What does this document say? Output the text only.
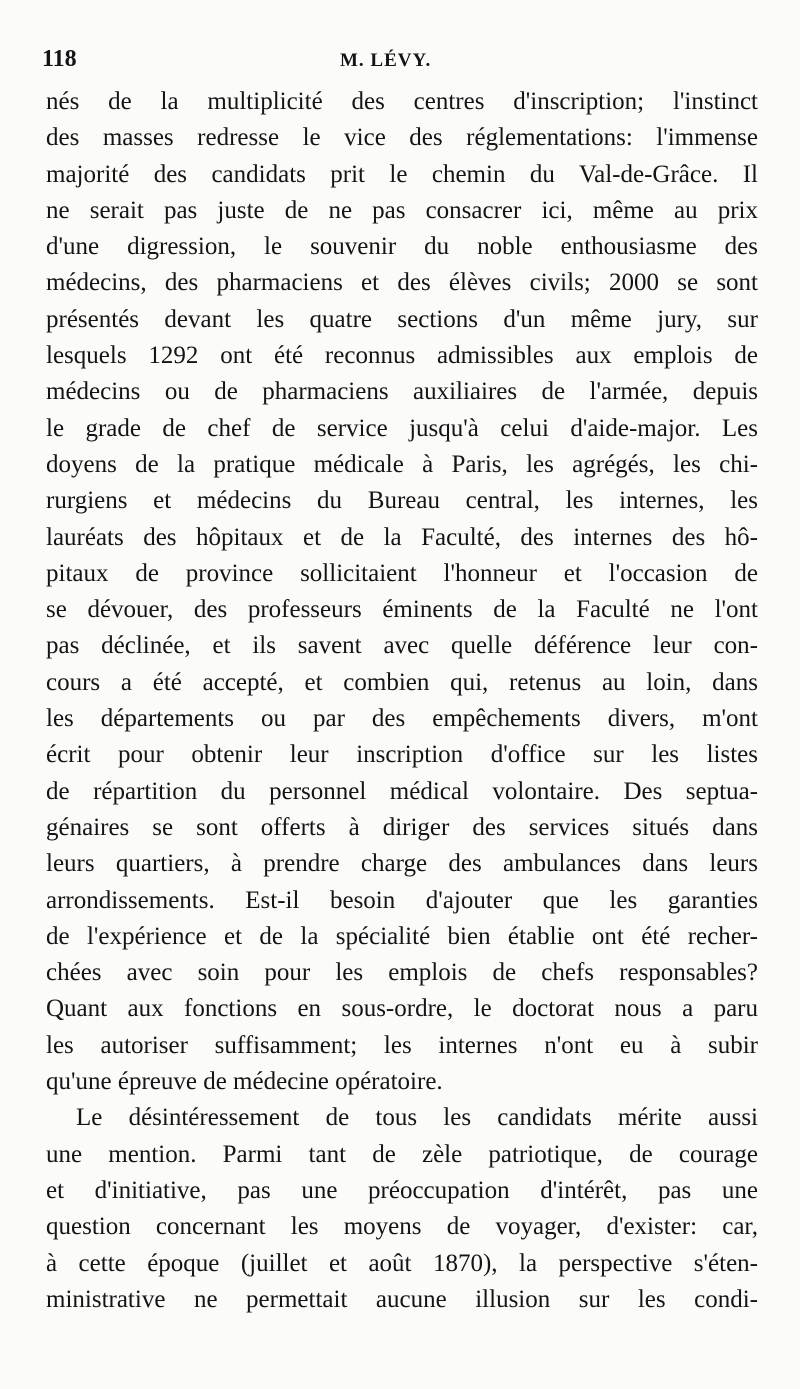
118	M. LÉVY.
nés de la multiplicité des centres d'inscription; l'instinct
des masses redresse le vice des réglementations: l'immense
majorité des candidats prit le chemin du Val-de-Grâce. Il
ne serait pas juste de ne pas consacrer ici, même au prix
d'une digression, le souvenir du noble enthousiasme des
médecins, des pharmaciens et des élèves civils; 2000 se sont
présentés devant les quatre sections d'un même jury, sur
lesquels 1292 ont été reconnus admissibles aux emplois de
médecins ou de pharmaciens auxiliaires de l'armée, depuis
le grade de chef de service jusqu'à celui d'aide-major. Les
doyens de la pratique médicale à Paris, les agrégés, les chi-
rurgiens et médecins du Bureau central, les internes, les
lauréats des hôpitaux et de la Faculté, des internes des hô-
pitaux de province sollicitaient l'honneur et l'occasion de
se dévouer, des professeurs éminents de la Faculté ne l'ont
pas déclinée, et ils savent avec quelle déférence leur con-
cours a été accepté, et combien qui, retenus au loin, dans
les départements ou par des empêchements divers, m'ont
écrit pour obtenir leur inscription d'office sur les listes
de répartition du personnel médical volontaire. Des septua-
génaires se sont offerts à diriger des services situés dans
leurs quartiers, à prendre charge des ambulances dans leurs
arrondissements. Est-il besoin d'ajouter que les garanties
de l'expérience et de la spécialité bien établie ont été recher-
chées avec soin pour les emplois de chefs responsables?
Quant aux fonctions en sous-ordre, le doctorat nous a paru
les autoriser suffisamment; les internes n'ont eu à subir
qu'une épreuve de médecine opératoire.
Le désintéressement de tous les candidats mérite aussi
une mention. Parmi tant de zèle patriotique, de courage
et d'initiative, pas une préoccupation d'intérêt, pas une
question concernant les moyens de voyager, d'exister: car,
à cette époque (juillet et août 1870), la perspective s'éten-
ministrative ne permettait aucune illusion sur les condi-
